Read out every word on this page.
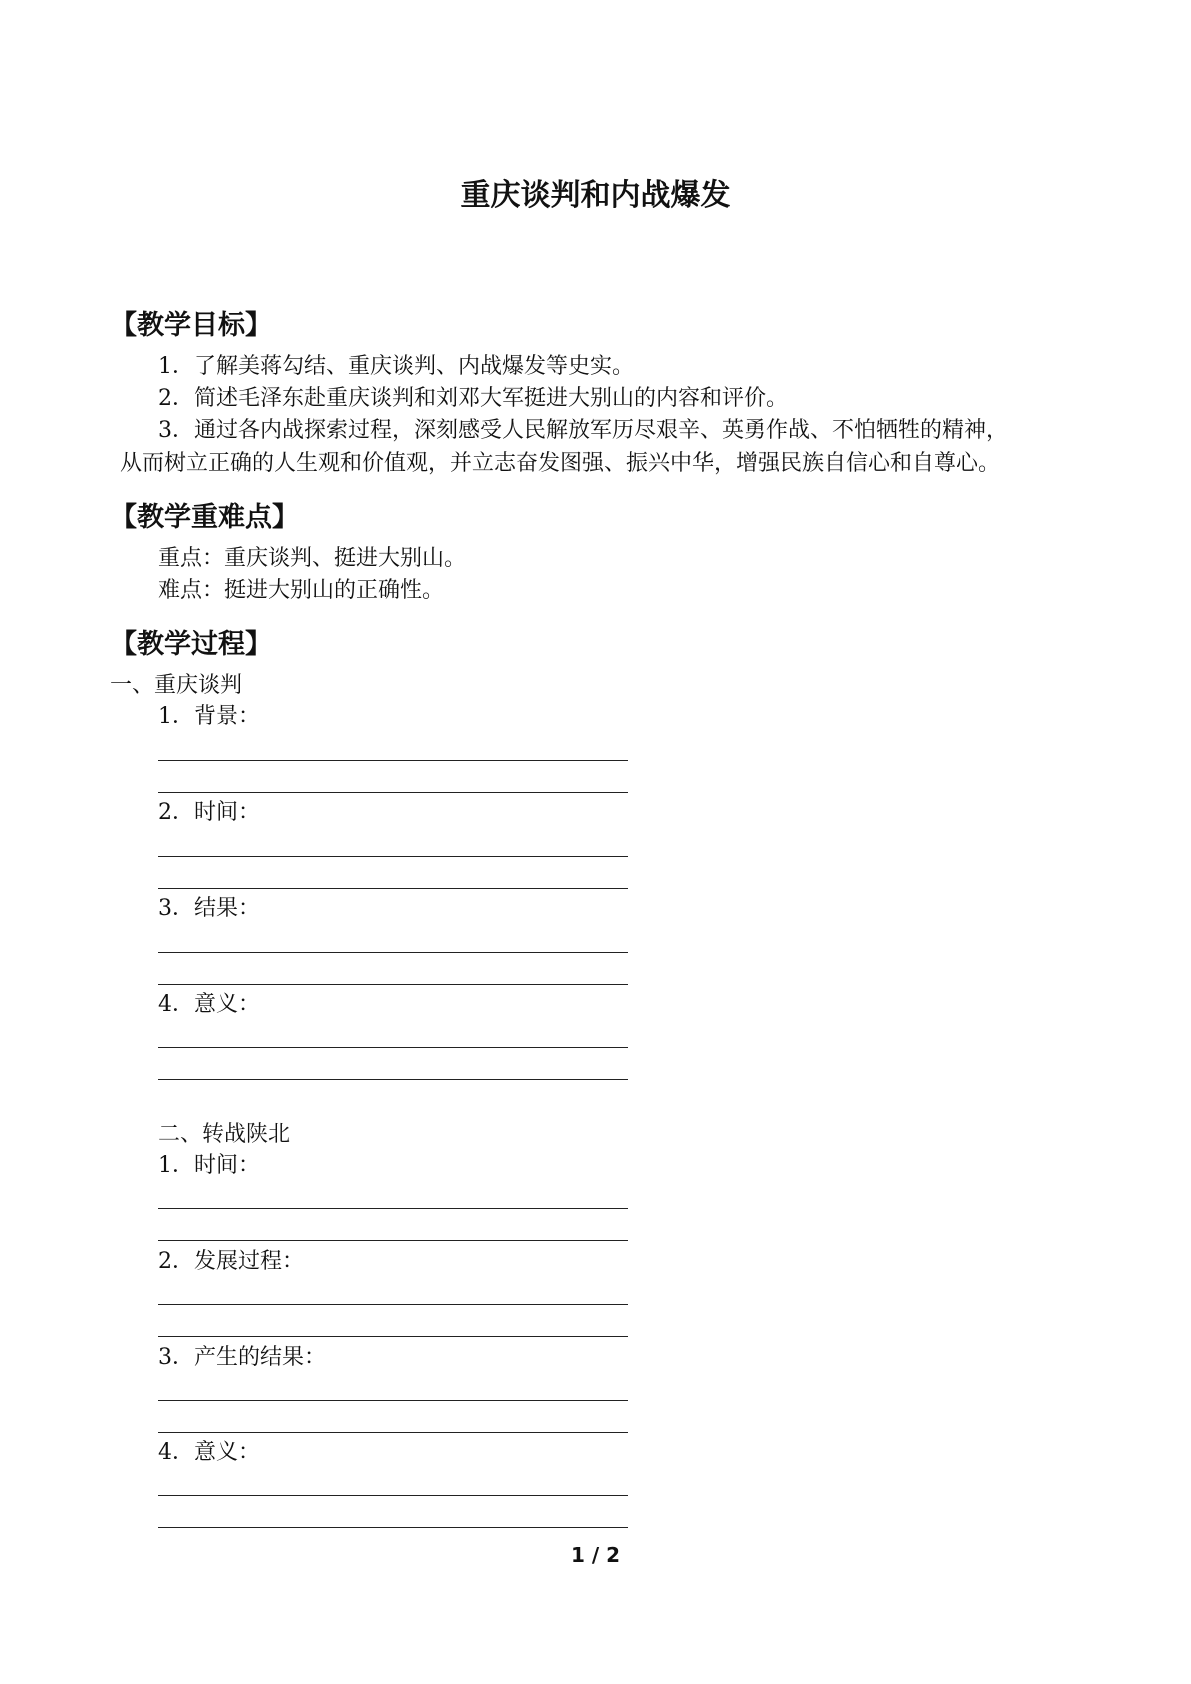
重庆谈判和内战爆发
【教学目标】
1．了解美蒋勾结、重庆谈判、内战爆发等史实。
2．简述毛泽东赴重庆谈判和刘邓大军挺进大别山的内容和评价。
3．通过各内战探索过程，深刻感受人民解放军历尽艰辛、英勇作战、不怕牺牲的精神，
从而树立正确的人生观和价值观，并立志奋发图强、振兴中华，增强民族自信心和自尊心。
【教学重难点】
重点：重庆谈判、挺进大别山。
难点：挺进大别山的正确性。
【教学过程】
一、重庆谈判
1．背景：
2．时间：
3．结果：
4．意义：
二、转战陕北
1．时间：
2．发展过程：
3．产生的结果：
4．意义：
1 / 2
